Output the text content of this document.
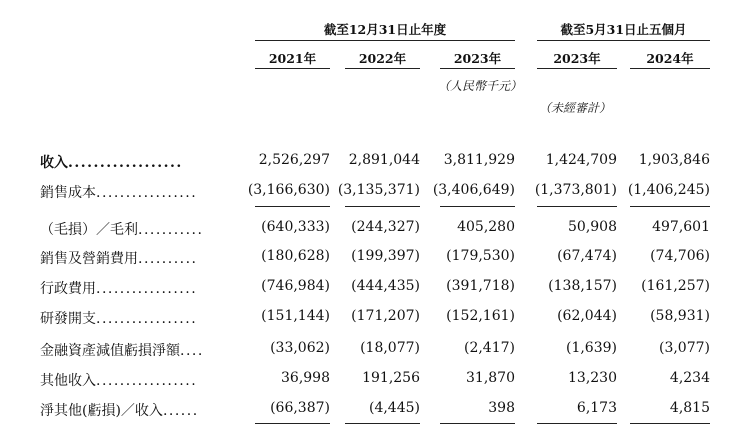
截至12月31日止年度	截至5月31日止五個月
2021年	2022年	2023年	2023年	2024年
（人民幣千元）
（未經審計）
收入..................	2,526,297	2,891,044	3,811,929	1,424,709	1,903,846
銷售成本.................	(3,166,630) (3,135,371) (3,406,649)	(1,373,801) (1,406,245)
（毛損）／毛利...........	(640,333)	(244,327)	405,280	50,908	497,601
銷售及營銷費用..........	(180,628)	(199,397)	(179,530)	(67,474)	(74,706)
行政費用.................	(746,984)	(444,435)	(391,718)	(138,157)	(161,257)
研發開支.................	(151,144)	(171,207)	(152,161)	(62,044)	(58,931)
金融資產減值虧損淨額....	(33,062)	(18,077)	(2,417)	(1,639)	(3,077)
其他收入.................	36,998	191,256	31,870	13,230	4,234
淨其他(虧損)／收入......	(66,387)	(4,445)	398	6,173	4,815
